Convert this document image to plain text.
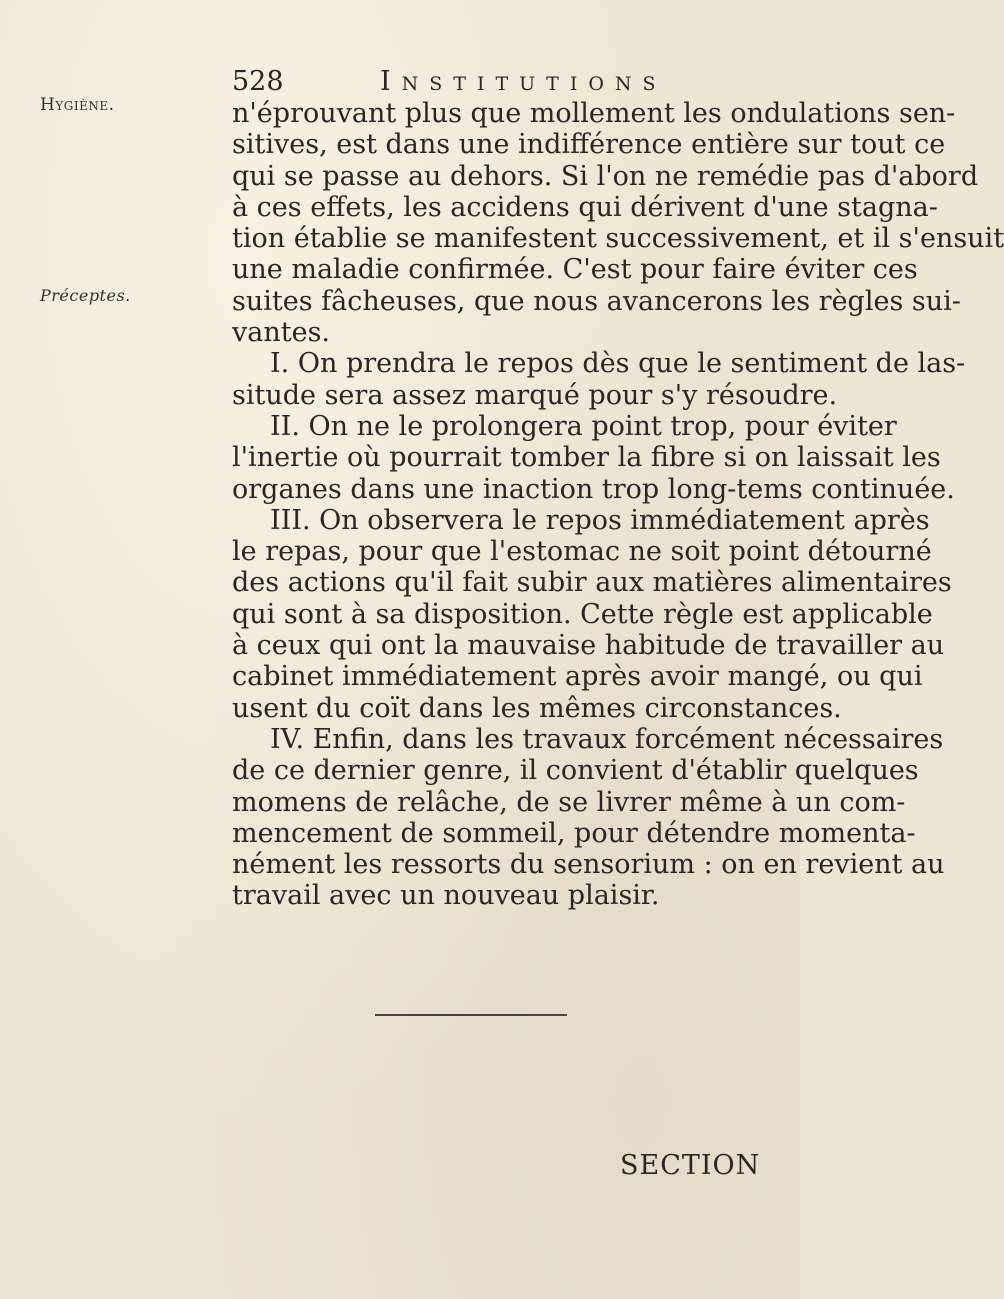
Hygiène.
Préceptes.
528	Institutions
n'éprouvant plus que mollement les ondulations sen-
sitives, est dans une indifférence entière sur tout ce
qui se passe au dehors. Si l'on ne remédie pas d'abord
à ces effets, les accidens qui dérivent d'une stagna-
tion établie se manifestent successivement, et il s'ensuit
une maladie confirmée. C'est pour faire éviter ces
suites fâcheuses, que nous avancerons les règles sui-
vantes.
I. On prendra le repos dès que le sentiment de las-
situde sera assez marqué pour s'y résoudre.
II. On ne le prolongera point trop, pour éviter
l'inertie où pourrait tomber la fibre si on laissait les
organes dans une inaction trop long-tems continuée.
III. On observera le repos immédiatement après
le repas, pour que l'estomac ne soit point détourné
des actions qu'il fait subir aux matières alimentaires
qui sont à sa disposition. Cette règle est applicable
à ceux qui ont la mauvaise habitude de travailler au
cabinet immédiatement après avoir mangé, ou qui
usent du coït dans les mêmes circonstances.
IV. Enfin, dans les travaux forcément nécessaires
de ce dernier genre, il convient d'établir quelques
momens de relâche, de se livrer même à un com-
mencement de sommeil, pour détendre momenta-
nément les ressorts du sensorium : on en revient au
travail avec un nouveau plaisir.
SECTION
